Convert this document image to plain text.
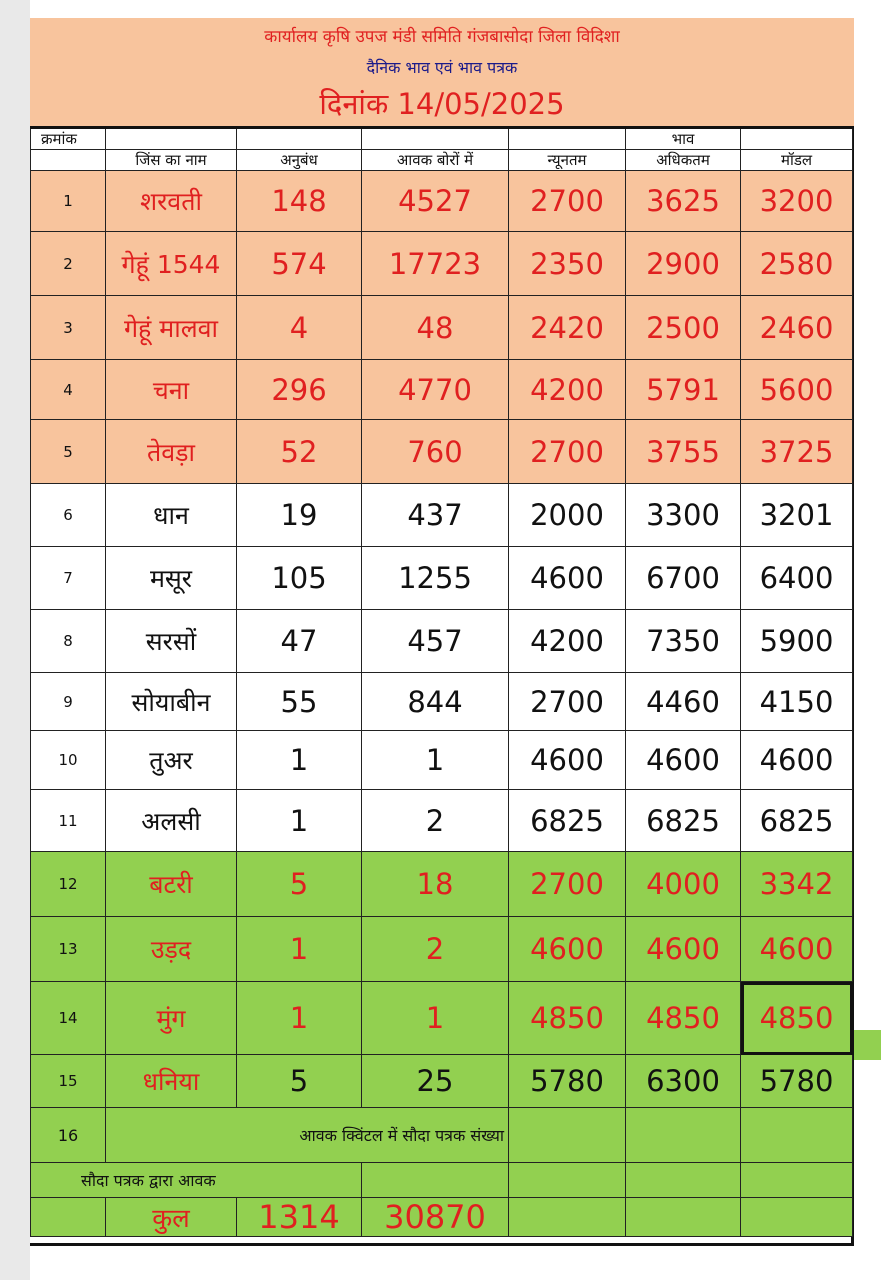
कार्यालय कृषि उपज मंडी समिति गंजबासोदा जिला विदिशा
दैनिक भाव एवं भाव पत्रक
दिनांक 14/05/2025
क्रमांक					भाव	
	जिंस का नाम	अनुबंध	आवक बोरों में	न्यूनतम	अधिकतम	मॉडल
1	शरवती	148	4527	2700	3625	3200
2	गेहूं 1544	574	17723	2350	2900	2580
3	गेहूं मालवा	4	48	2420	2500	2460
4	चना	296	4770	4200	5791	5600
5	तेवड़ा	52	760	2700	3755	3725
6	धान	19	437	2000	3300	3201
7	मसूर	105	1255	4600	6700	6400
8	सरसों	47	457	4200	7350	5900
9	सोयाबीन	55	844	2700	4460	4150
10	तुअर	1	1	4600	4600	4600
11	अलसी	1	2	6825	6825	6825
12	बटरी	5	18	2700	4000	3342
13	उड़द	1	2	4600	4600	4600
14	मुंग	1	1	4850	4850	4850
15	धनिया	5	25	5780	6300	5780
16	आवक क्विंटल में सौदा पत्रक संख्या					
सौदा पत्रक द्वारा आवक						
	कुल	1314	30870			
